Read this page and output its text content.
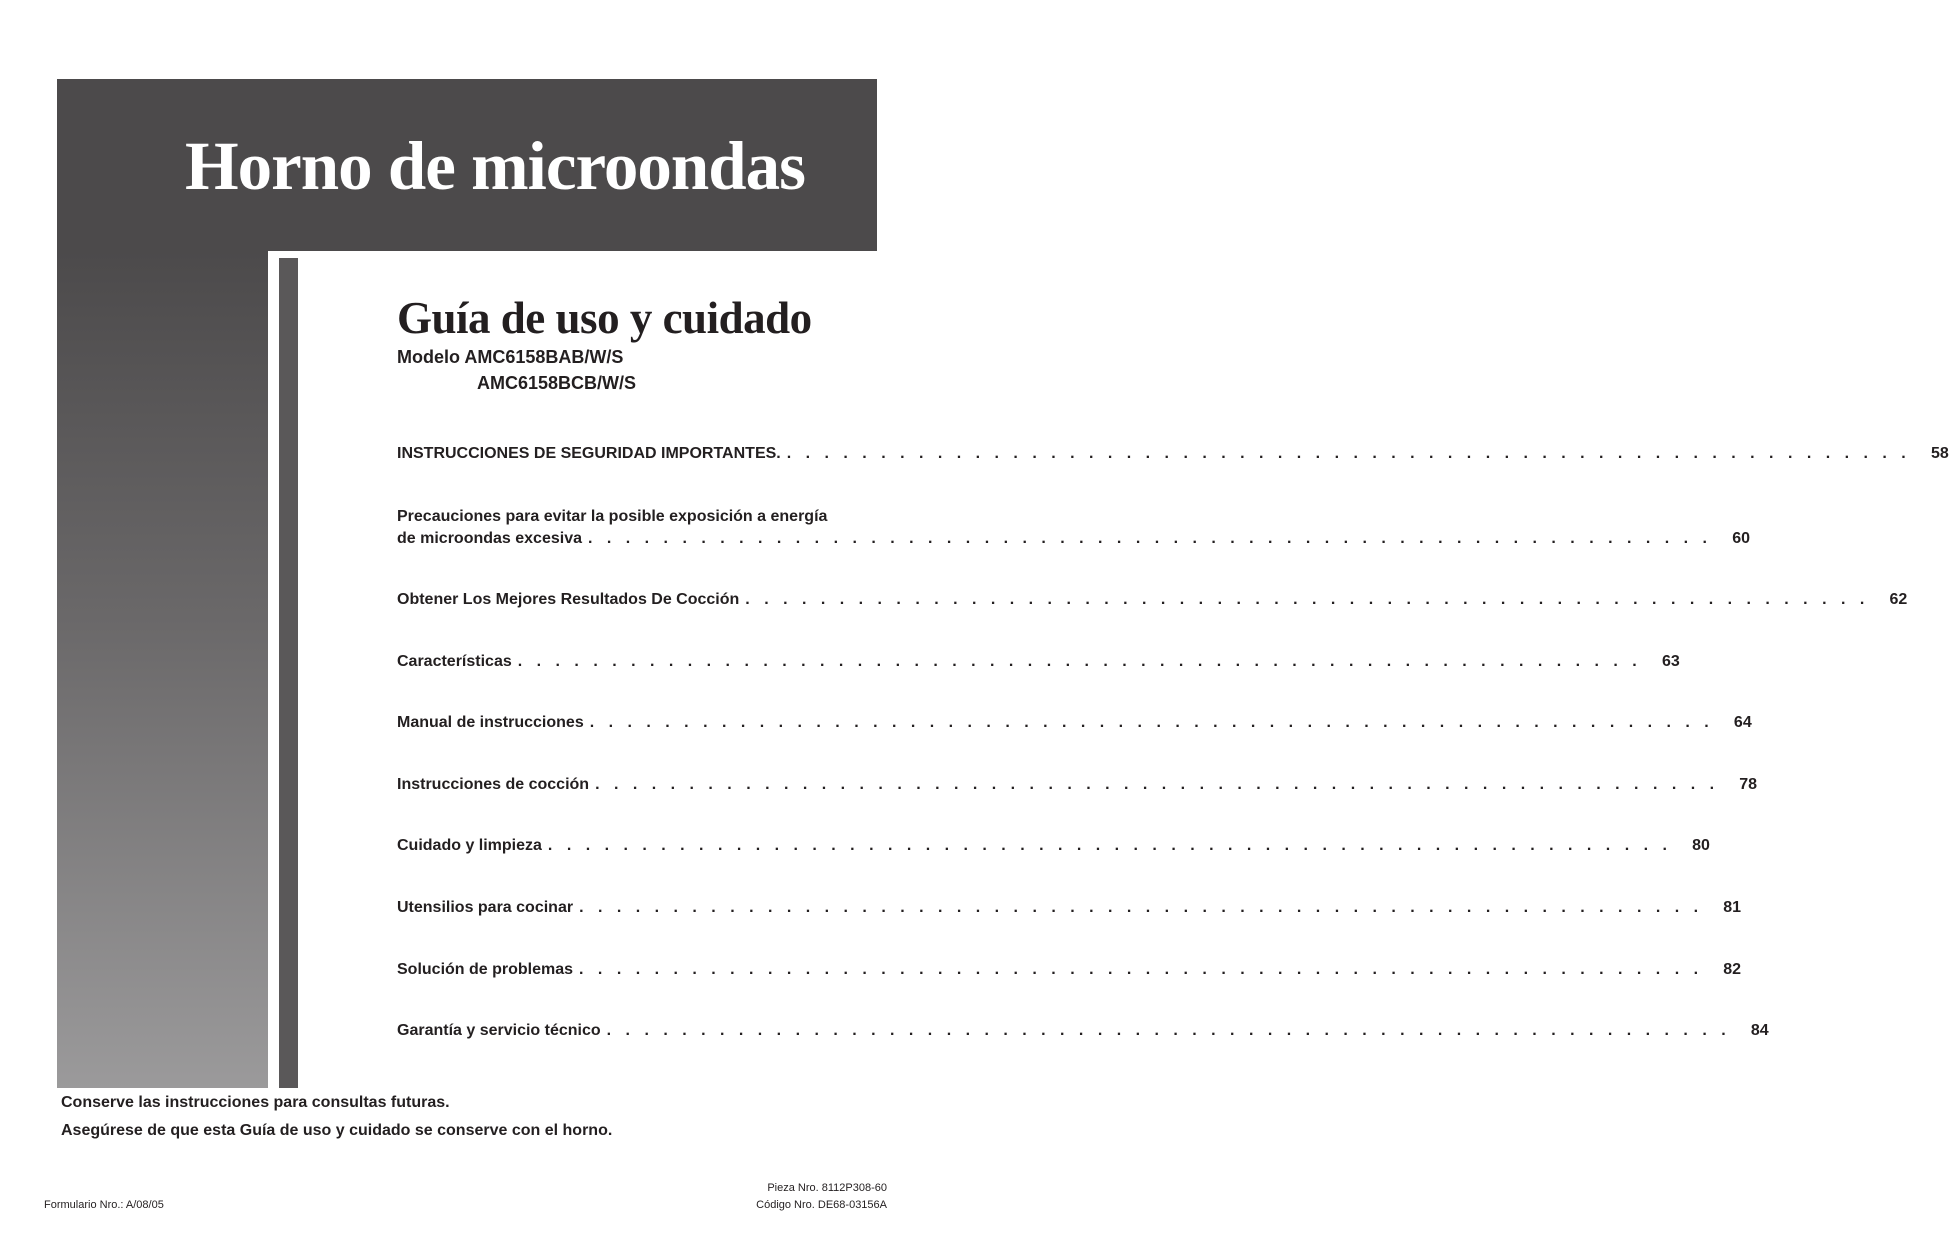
Horno de microondas
Guía de uso y cuidado
Modelo AMC6158BAB/W/S
AMC6158BCB/W/S
INSTRUCCIONES DE SEGURIDAD IMPORTANTES. . . . . . . . . . . . . . . . . . . . . . . . . . . . . . . . . . . . . . . . . . . . . . . . . . . . . . . . . . . . .	58
Precauciones para evitar la posible exposición a energía
de microondas excesiva . . . . . . . . . . . . . . . . . . . . . . . . . . . . . . . . . . . . . . . . . . . . . . . . . . . . . . . . . . . .	60
Obtener Los Mejores Resultados De Cocción . . . . . . . . . . . . . . . . . . . . . . . . . . . . . . . . . . . . . . . . . . . . . . . . . . . . . . . . . . . .	62
Características . . . . . . . . . . . . . . . . . . . . . . . . . . . . . . . . . . . . . . . . . . . . . . . . . . . . . . . . . . . .	63
Manual de instrucciones . . . . . . . . . . . . . . . . . . . . . . . . . . . . . . . . . . . . . . . . . . . . . . . . . . . . . . . . . . . .	64
Instrucciones de cocción . . . . . . . . . . . . . . . . . . . . . . . . . . . . . . . . . . . . . . . . . . . . . . . . . . . . . . . . . . . .	78
Cuidado y limpieza . . . . . . . . . . . . . . . . . . . . . . . . . . . . . . . . . . . . . . . . . . . . . . . . . . . . . . . . . . . .	80
Utensilios para cocinar . . . . . . . . . . . . . . . . . . . . . . . . . . . . . . . . . . . . . . . . . . . . . . . . . . . . . . . . . . . .	81
Solución de problemas . . . . . . . . . . . . . . . . . . . . . . . . . . . . . . . . . . . . . . . . . . . . . . . . . . . . . . . . . . . .	82
Garantía y servicio técnico . . . . . . . . . . . . . . . . . . . . . . . . . . . . . . . . . . . . . . . . . . . . . . . . . . . . . . . . . . . .	84
Conserve las instrucciones para consultas futuras.
Asegúrese de que esta Guía de uso y cuidado se conserve con el horno.
Formulario Nro.: A/08/05
Pieza Nro. 8112P308-60
Código Nro. DE68-03156A
